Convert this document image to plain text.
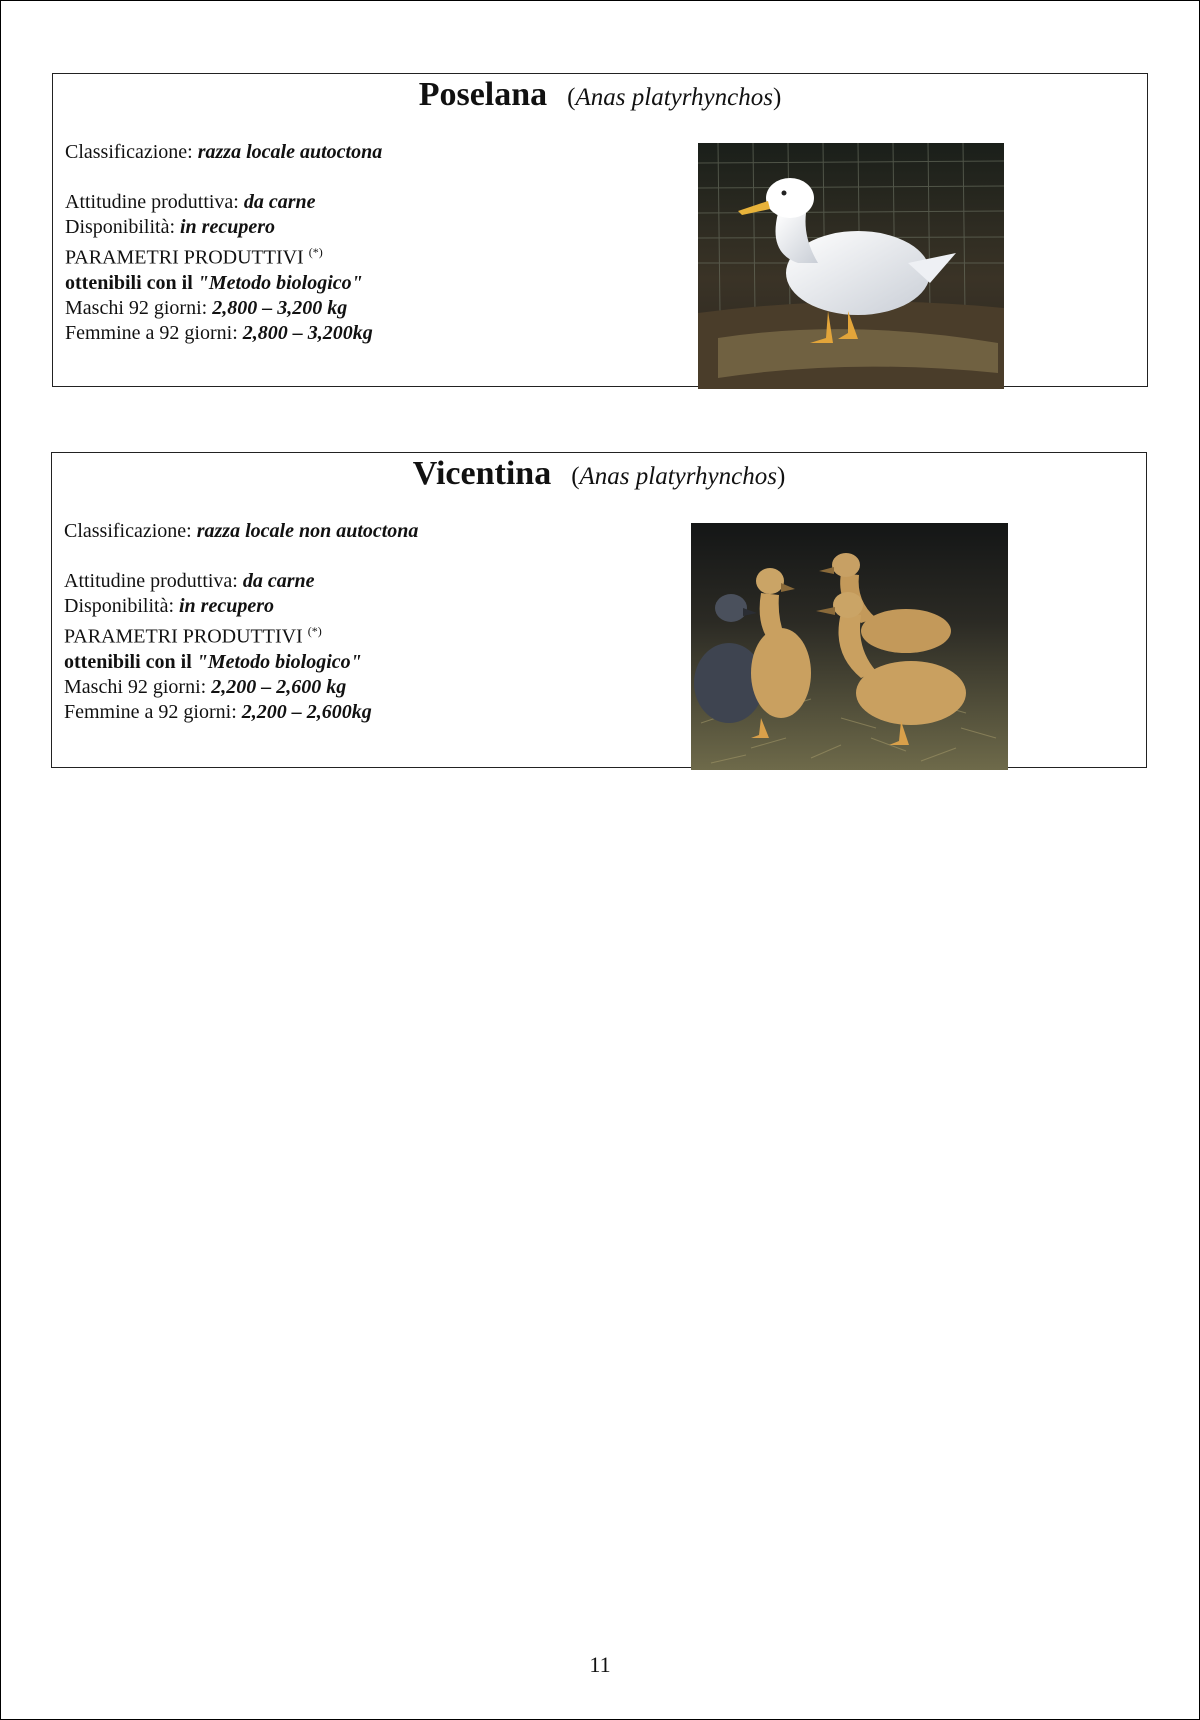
Poselana (Anas platyrhynchos)

Classificazione: razza locale autoctona

Attitudine produttiva: da carne

Disponibilità: in recupero

PARAMETRI PRODUTTIVI (*)

ottenibili con il "Metodo biologico"

Maschi 92 giorni: 2,800 – 3,200 kg

Femmine a 92 giorni: 2,800 – 3,200kg

Vicentina (Anas platyrhynchos)

Classificazione: razza locale non autoctona

Attitudine produttiva: da carne

Disponibilità: in recupero

PARAMETRI PRODUTTIVI (*)

ottenibili con il "Metodo biologico"

Maschi 92 giorni: 2,200 – 2,600 kg

Femmine a 92 giorni: 2,200 – 2,600kg

11
